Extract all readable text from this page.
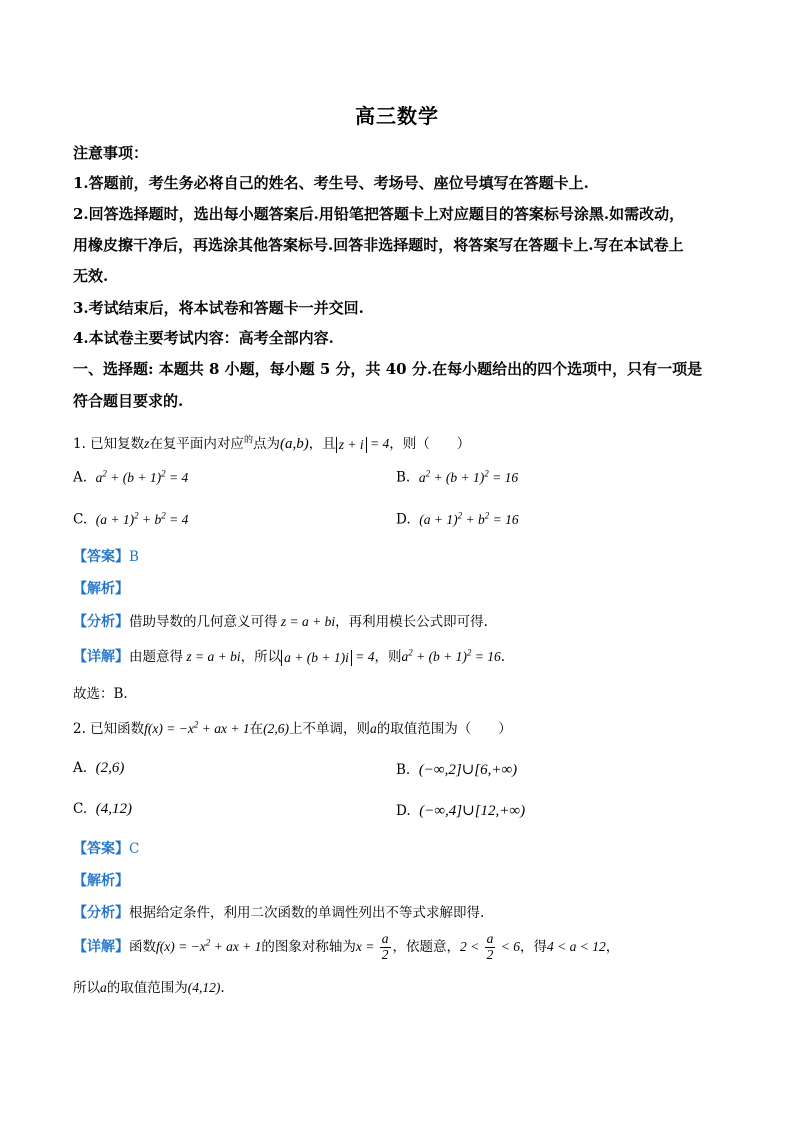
高三数学
注意事项：
1.答题前，考生务必将自己的姓名、考生号、考场号、座位号填写在答题卡上.
2.回答选择题时，选出每小题答案后.用铅笔把答题卡上对应题目的答案标号涂黑.如需改动，
用橡皮擦干净后，再选涂其他答案标号.回答非选择题时，将答案写在答题卡上.写在本试卷上
无效.
3.考试结束后，将本试卷和答题卡一并交回.
4.本试卷主要考试内容：高考全部内容.
一、选择题: 本题共 8 小题，每小题 5 分，共 40 分.在每小题给出的四个选项中，只有一项是
符合题目要求的.
1. 已知复数z在复平面内对应$^的$点为(a,b)，且 z + i = 4，则（　　）
A. $a^2 + (b + 1)^2 = 4$	B. $a^2 + (b + 1)^2 = 16$
C. $(a + 1)^2 + b^2 = 4$	D. $(a + 1)^2 + b^2 = 16$
【答案】B
【解析】
【分析】借助导数的几何意义可得 z = a + bi，再利用模长公式即可得.
【详解】由题意得 z = a + bi，所以 a + (b + 1)i = 4，则$a^2 + (b + 1)^2 = 16$.
故选：B.
2. 已知函数$f(x) = -x^2$ + ax + 1在(2,6)上不单调，则a的取值范围为（　　）
A. (2,6)	B. (−∞,2]∪[6,+∞)
C. (4,12)	D. (−∞,4]∪[12,+∞)
【答案】C
【解析】
【分析】根据给定条件，利用二次函数的单调性列出不等式求解即得.
【详解】函数$f(x) = -x^2$ + ax + 1的图象对称轴为$x = \frac{a}{2}$ ，依题意，$2 < \frac{a}{2} < 6$，得4 < a < 12，
所以a的取值范围为(4,12).
